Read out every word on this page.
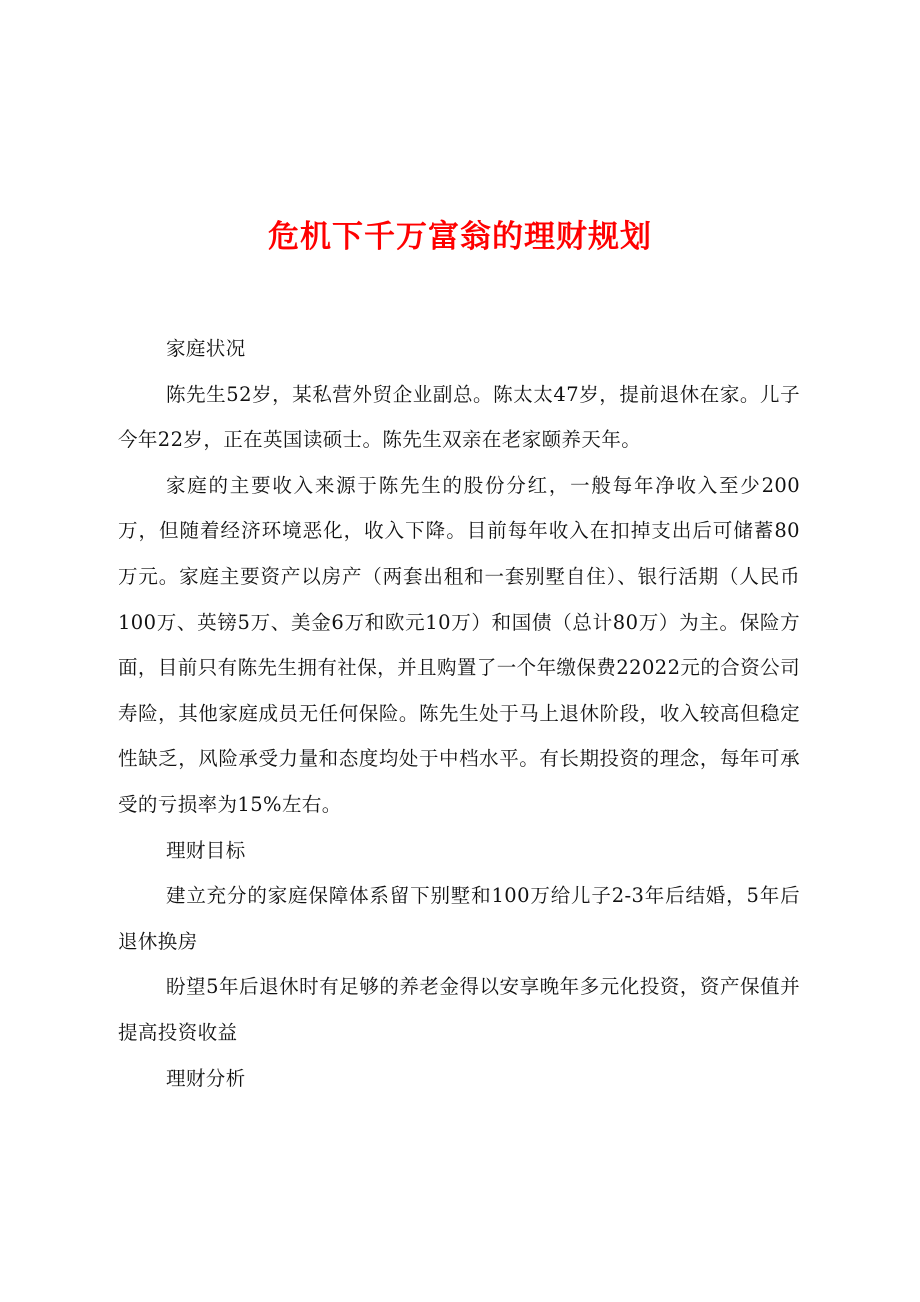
危机下千万富翁的理财规划

家庭状况

陈先生52岁，某私营外贸企业副总。陈太太47岁，提前退休在家。儿子今年22岁，正在英国读硕士。陈先生双亲在老家颐养天年。

家庭的主要收入来源于陈先生的股份分红，一般每年净收入至少200万，但随着经济环境恶化，收入下降。目前每年收入在扣掉支出后可储蓄80万元。家庭主要资产以房产（两套出租和一套别墅自住）、银行活期（人民币100万、英镑5万、美金6万和欧元10万）和国债（总计80万）为主。保险方面，目前只有陈先生拥有社保，并且购置了一个年缴保费22022元的合资公司寿险，其他家庭成员无任何保险。陈先生处于马上退休阶段，收入较高但稳定性缺乏，风险承受力量和态度均处于中档水平。有长期投资的理念，每年可承受的亏损率为15%左右。

理财目标

建立充分的家庭保障体系留下别墅和100万给儿子2-3年后结婚，5年后退休换房

盼望5年后退休时有足够的养老金得以安享晚年多元化投资，资产保值并提高投资收益

理财分析
